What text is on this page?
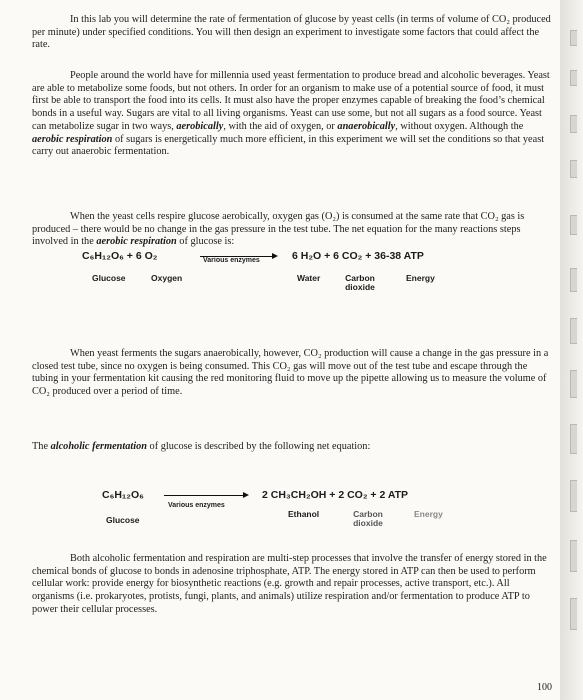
In this lab you will determine the rate of fermentation of glucose by yeast cells (in terms of volume of CO₂ produced per minute) under specified conditions. You will then design an experiment to investigate some factors that could affect the rate.

People around the world have for millennia used yeast fermentation to produce bread and alcoholic beverages. Yeast are able to metabolize some foods, but not others. In order for an organism to make use of a potential source of food, it must first be able to transport the food into its cells. It must also have the proper enzymes capable of breaking the food’s chemical bonds in a useful way. Sugars are vital to all living organisms. Yeast can use some, but not all sugars as a food source. Yeast can metabolize sugar in two ways, aerobically, with the aid of oxygen, or anaerobically, without oxygen. Although the aerobic respiration of sugars is energetically much more efficient, in this experiment we will set the conditions so that yeast carry out anaerobic fermentation.

When the yeast cells respire glucose aerobically, oxygen gas (O₂) is consumed at the same rate that CO₂ gas is produced – there would be no change in the gas pressure in the test tube. The net equation for the many reactions steps involved in the aerobic respiration of glucose is:

C₆H₁₂O₆ + 6 O₂	Various enzymes	6 H₂O + 6 CO₂ + 36-38 ATP
Glucose	Oxygen	Water	Carbon dioxide
Energy

When yeast ferments the sugars anaerobically, however, CO₂ production will cause a change in the gas pressure in a closed test tube, since no oxygen is being consumed. This CO₂ gas will move out of the test tube and escape through the tubing in your fermentation kit causing the red monitoring fluid to move up the pipette allowing us to measure the volume of CO₂ produced over a period of time.

The alcoholic fermentation of glucose is described by the following net equation:

C₆H₁₂O₆
Various enzymes
2 CH₃CH₂OH + 2 CO₂ + 2 ATP
Glucose
Ethanol	Carbon dioxide
Energy

Both alcoholic fermentation and respiration are multi-step processes that involve the transfer of energy stored in the chemical bonds of glucose to bonds in adenosine triphosphate, ATP. The energy stored in ATP can then be used to perform cellular work: provide energy for biosynthetic reactions (e.g. growth and repair processes, active transport, etc.). All organisms (i.e. prokaryotes, protists, fungi, plants, and animals) utilize respiration and/or fermentation to produce ATP to power their cellular processes.

100
